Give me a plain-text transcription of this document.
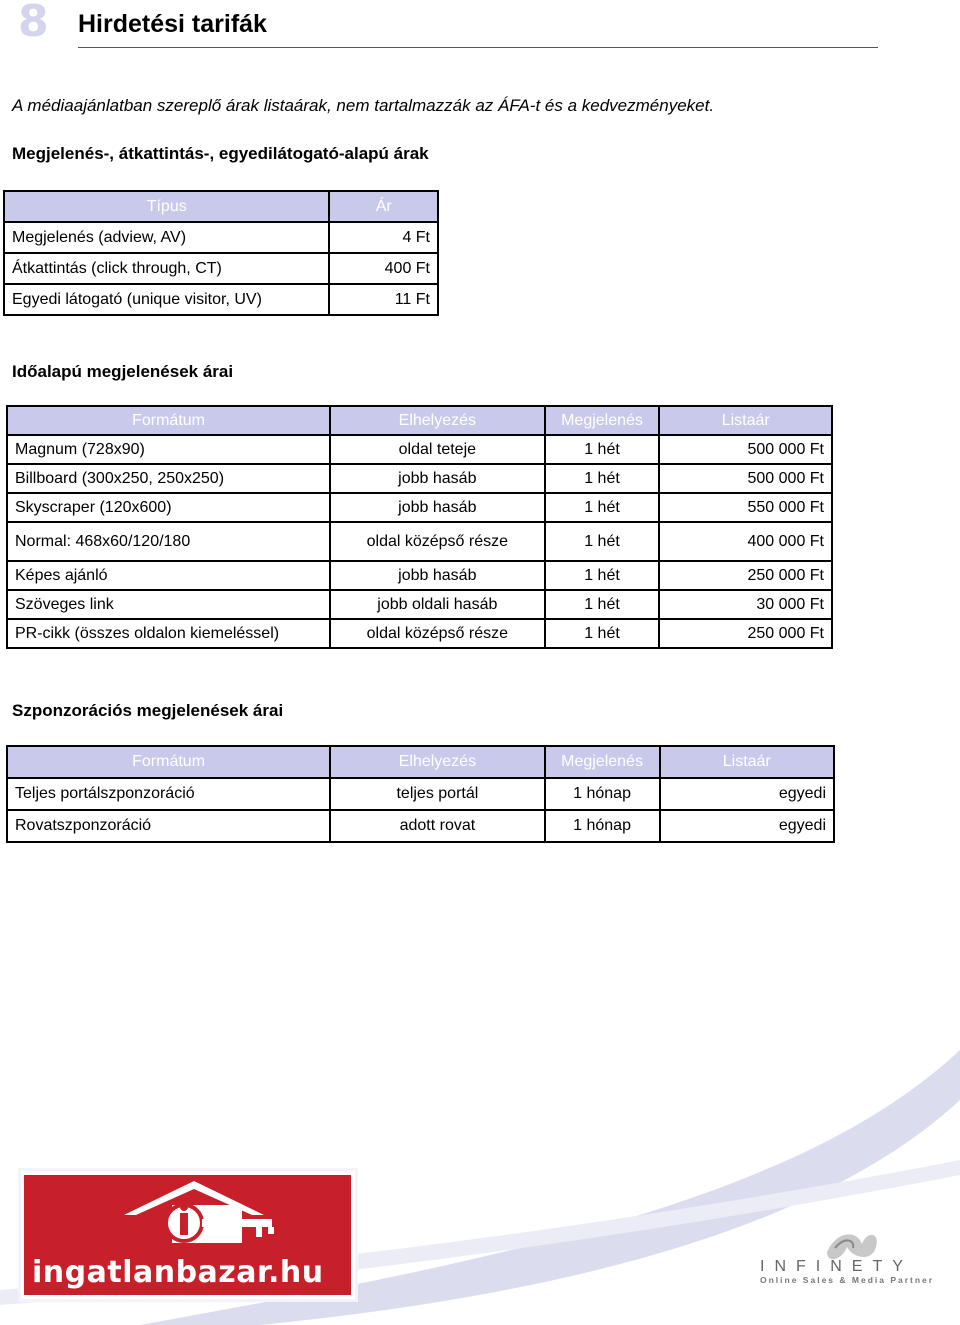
8 Hirdetési tarifák
A médiaajánlatban szereplő árak listaárak, nem tartalmazzák az ÁFA-t és a kedvezményeket.
Megjelenés-, átkattintás-, egyedilátogató-alapú árak
Típus	Ár
Megjelenés (adview, AV)	4 Ft
Átkattintás (click through, CT)	400 Ft
Egyedi látogató (unique visitor, UV)	11 Ft
Időalapú megjelenések árai
Formátum	Elhelyezés	Megjelenés	Listaár
Magnum (728x90)	oldal teteje	1 hét	500 000 Ft
Billboard (300x250, 250x250)	jobb hasáb	1 hét	500 000 Ft
Skyscraper (120x600)	jobb hasáb	1 hét	550 000 Ft
Normal: 468x60/120/180	oldal középső része	1 hét	400 000 Ft
Képes ajánló	jobb hasáb	1 hét	250 000 Ft
Szöveges link	jobb oldali hasáb	1 hét	30 000 Ft
PR-cikk (összes oldalon kiemeléssel)	oldal középső része	1 hét	250 000 Ft
Szponzorációs megjelenések árai
Formátum	Elhelyezés	Megjelenés	Listaár
Teljes portálszponzoráció	teljes portál	1 hónap	egyedi
Rovatszponzoráció	adott rovat	1 hónap	egyedi
ingatlanbazar.hu	INFINETY
Online Sales & Media Partner
